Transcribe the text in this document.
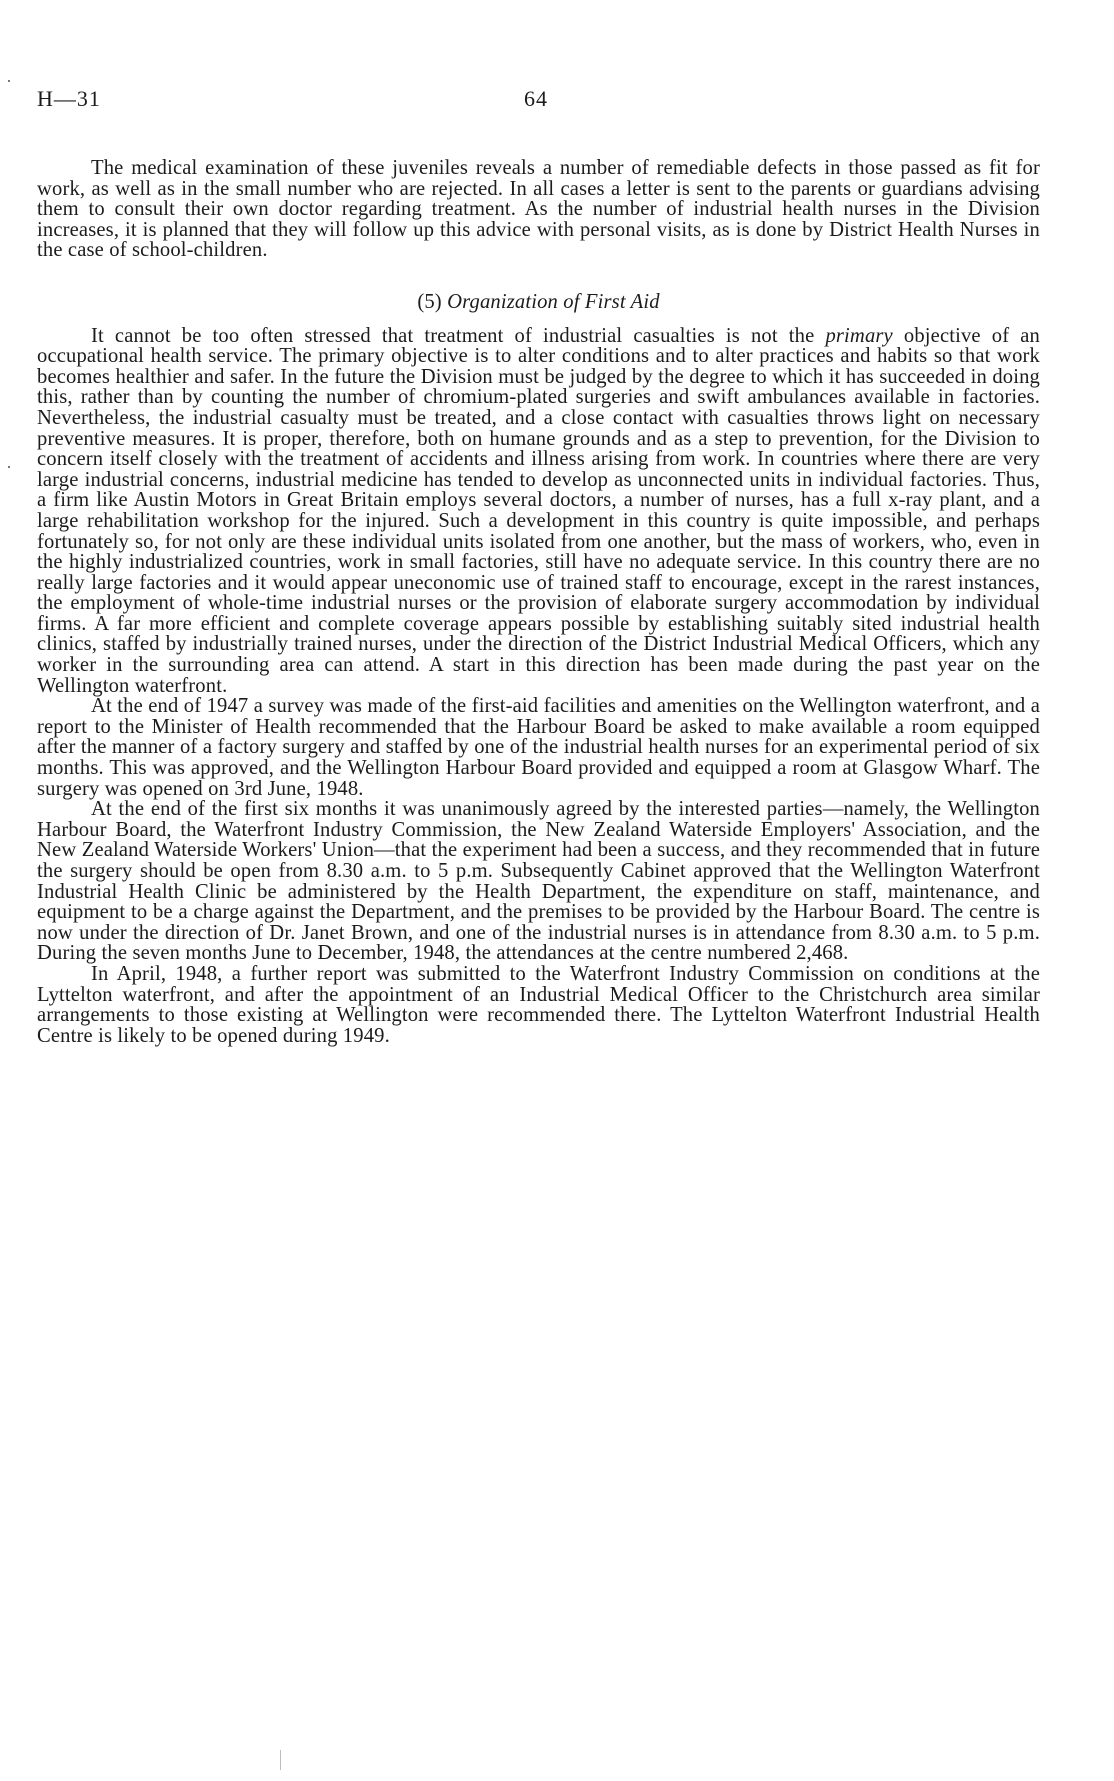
H—31	64

The medical examination of these juveniles reveals a number of remediable defects in those passed as fit for work, as well as in the small number who are rejected. In all cases a letter is sent to the parents or guardians advising them to consult their own doctor regarding treatment. As the number of industrial health nurses in the Division increases, it is planned that they will follow up this advice with personal visits, as is done by District Health Nurses in the case of school-children.

(5) Organization of First Aid

It cannot be too often stressed that treatment of industrial casualties is not the primary objective of an occupational health service. The primary objective is to alter conditions and to alter practices and habits so that work becomes healthier and safer. In the future the Division must be judged by the degree to which it has succeeded in doing this, rather than by counting the number of chromium-plated surgeries and swift ambulances available in factories. Nevertheless, the industrial casualty must be treated, and a close contact with casualties throws light on necessary preventive measures. It is proper, therefore, both on humane grounds and as a step to prevention, for the Division to concern itself closely with the treatment of accidents and illness arising from work. In countries where there are very large industrial concerns, industrial medicine has tended to develop as unconnected units in individual factories. Thus, a firm like Austin Motors in Great Britain employs several doctors, a number of nurses, has a full x-ray plant, and a large rehabilitation workshop for the injured. Such a development in this country is quite impossible, and perhaps fortunately so, for not only are these individual units isolated from one another, but the mass of workers, who, even in the highly industrialized countries, work in small factories, still have no adequate service. In this country there are no really large factories and it would appear uneconomic use of trained staff to encourage, except in the rarest instances, the employment of whole-time industrial nurses or the provision of elaborate surgery accommodation by individual firms. A far more efficient and complete coverage appears possible by establishing suitably sited industrial health clinics, staffed by industrially trained nurses, under the direction of the District Industrial Medical Officers, which any worker in the surrounding area can attend. A start in this direction has been made during the past year on the Wellington waterfront.

At the end of 1947 a survey was made of the first-aid facilities and amenities on the Wellington waterfront, and a report to the Minister of Health recommended that the Harbour Board be asked to make available a room equipped after the manner of a factory surgery and staffed by one of the industrial health nurses for an experimental period of six months. This was approved, and the Wellington Harbour Board provided and equipped a room at Glasgow Wharf. The surgery was opened on 3rd June, 1948.

At the end of the first six months it was unanimously agreed by the interested parties—namely, the Wellington Harbour Board, the Waterfront Industry Commission, the New Zealand Waterside Employers' Association, and the New Zealand Waterside Workers' Union—that the experiment had been a success, and they recommended that in future the surgery should be open from 8.30 a.m. to 5 p.m. Subsequently Cabinet approved that the Wellington Waterfront Industrial Health Clinic be administered by the Health Department, the expenditure on staff, maintenance, and equipment to be a charge against the Department, and the premises to be provided by the Harbour Board. The centre is now under the direction of Dr. Janet Brown, and one of the industrial nurses is in attendance from 8.30 a.m. to 5 p.m. During the seven months June to December, 1948, the attendances at the centre numbered 2,468.

In April, 1948, a further report was submitted to the Waterfront Industry Commission on conditions at the Lyttelton waterfront, and after the appointment of an Industrial Medical Officer to the Christchurch area similar arrangements to those existing at Wellington were recommended there. The Lyttelton Waterfront Industrial Health Centre is likely to be opened during 1949.
